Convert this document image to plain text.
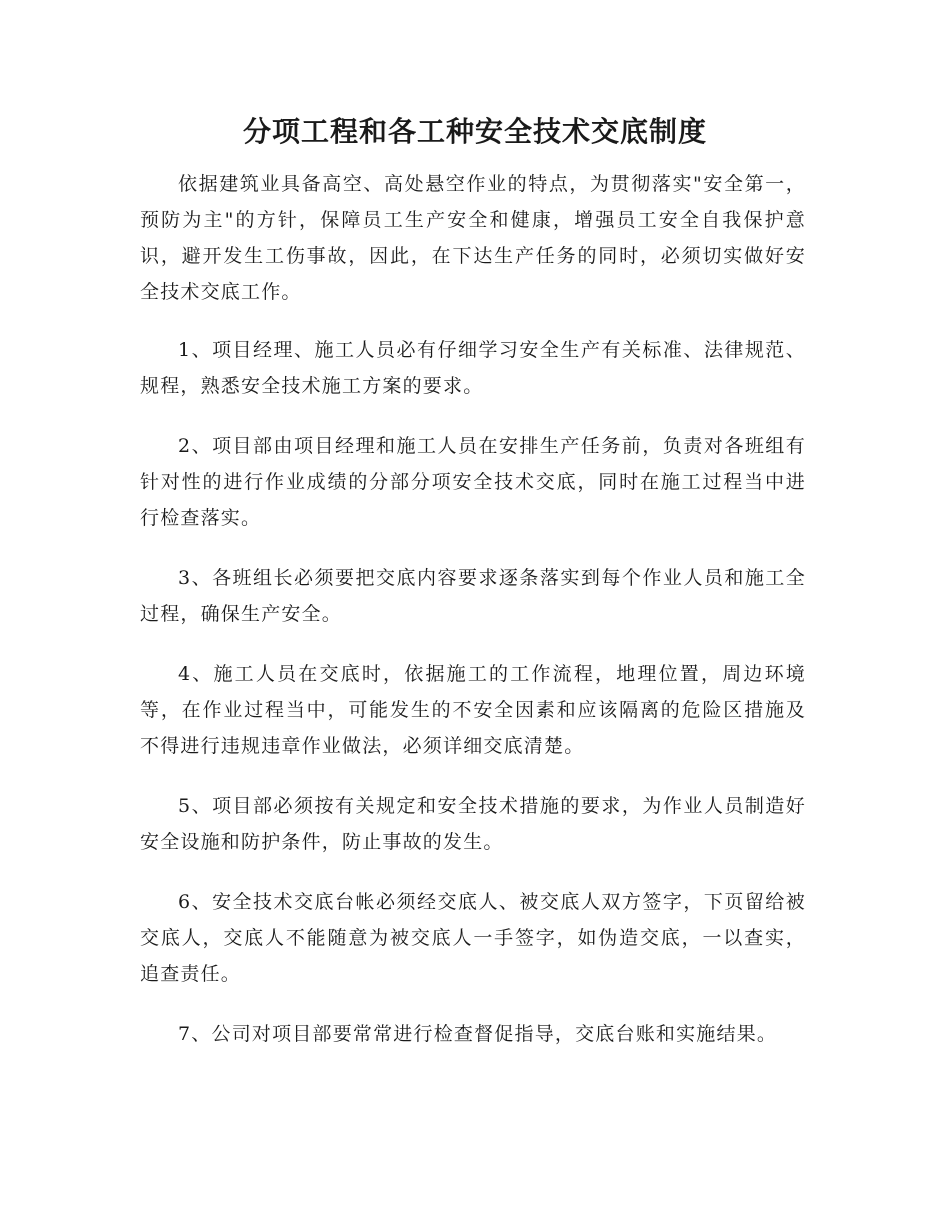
分项工程和各工种安全技术交底制度

依据建筑业具备高空、高处悬空作业的特点，为贯彻落实"安全第一，预防为主"的方针，保障员工生产安全和健康，增强员工安全自我保护意识，避开发生工伤事故，因此，在下达生产任务的同时，必须切实做好安全技术交底工作。

1、项目经理、施工人员必有仔细学习安全生产有关标准、法律规范、规程，熟悉安全技术施工方案的要求。

2、项目部由项目经理和施工人员在安排生产任务前，负责对各班组有针对性的进行作业成绩的分部分项安全技术交底，同时在施工过程当中进行检查落实。

3、各班组长必须要把交底内容要求逐条落实到每个作业人员和施工全过程，确保生产安全。

4、施工人员在交底时，依据施工的工作流程，地理位置，周边环境等，在作业过程当中，可能发生的不安全因素和应该隔离的危险区措施及不得进行违规违章作业做法，必须详细交底清楚。

5、项目部必须按有关规定和安全技术措施的要求，为作业人员制造好安全设施和防护条件，防止事故的发生。

6、安全技术交底台帐必须经交底人、被交底人双方签字，下页留给被交底人，交底人不能随意为被交底人一手签字，如伪造交底，一以查实，追查责任。

7、公司对项目部要常常进行检查督促指导，交底台账和实施结果。
